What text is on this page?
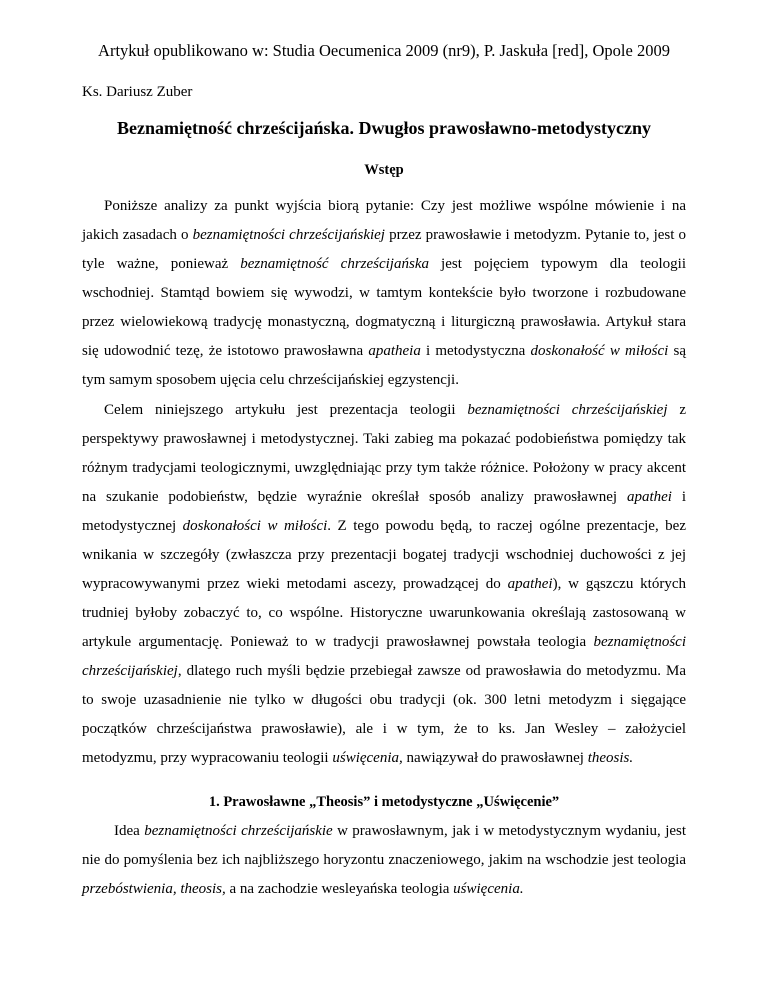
Artykuł opublikowano w: Studia Oecumenica 2009 (nr9), P. Jaskuła [red], Opole 2009
Ks. Dariusz Zuber
Beznamiętność chrześcijańska. Dwugłos prawosławno-metodystyczny
Wstęp

Poniższe analizy za punkt wyjścia biorą pytanie: Czy jest możliwe wspólne mówienie i na jakich zasadach o beznamiętności chrześcijańskiej przez prawosławie i metodyzm. Pytanie to, jest o tyle ważne, ponieważ beznamiętność chrześcijańska jest pojęciem typowym dla teologii wschodniej. Stamtąd bowiem się wywodzi, w tamtym kontekście było tworzone i rozbudowane przez wielowiekową tradycję monastyczną, dogmatyczną i liturgiczną prawosławia. Artykuł stara się udowodnić tezę, że istotowo prawosławna apatheia i metodystyczna doskonałość w miłości są tym samym sposobem ujęcia celu chrześcijańskiej egzystencji.

Celem niniejszego artykułu jest prezentacja teologii beznamiętności chrześcijańskiej z perspektywy prawosławnej i metodystycznej. Taki zabieg ma pokazać podobieństwa pomiędzy tak różnym tradycjami teologicznymi, uwzględniając przy tym także różnice. Położony w pracy akcent na szukanie podobieństw, będzie wyraźnie określał sposób analizy prawosławnej apathei i metodystycznej doskonałości w miłości. Z tego powodu będą, to raczej ogólne prezentacje, bez wnikania w szczegóły (zwłaszcza przy prezentacji bogatej tradycji wschodniej duchowości z jej wypracowywanymi przez wieki metodami ascezy, prowadzącej do apathei), w gąszczu których trudniej byłoby zobaczyć to, co wspólne. Historyczne uwarunkowania określają zastosowaną w artykule argumentację. Ponieważ to w tradycji prawosławnej powstała teologia beznamiętności chrześcijańskiej, dlatego ruch myśli będzie przebiegał zawsze od prawosławia do metodyzmu. Ma to swoje uzasadnienie nie tylko w długości obu tradycji (ok. 300 letni metodyzm i sięgające początków chrześcijaństwa prawosławie), ale i w tym, że to ks. Jan Wesley – założyciel metodyzmu, przy wypracowaniu teologii uświęcenia, nawiązywał do prawosławnej theosis.

1. Prawosławne „Theosis” i metodystyczne „Uświęcenie”

Idea beznamiętności chrześcijańskie w prawosławnym, jak i w metodystycznym wydaniu, jest nie do pomyślenia bez ich najbliższego horyzontu znaczeniowego, jakim na wschodzie jest teologia przebóstwienia, theosis, a na zachodzie wesleyańska teologia uświęcenia.
